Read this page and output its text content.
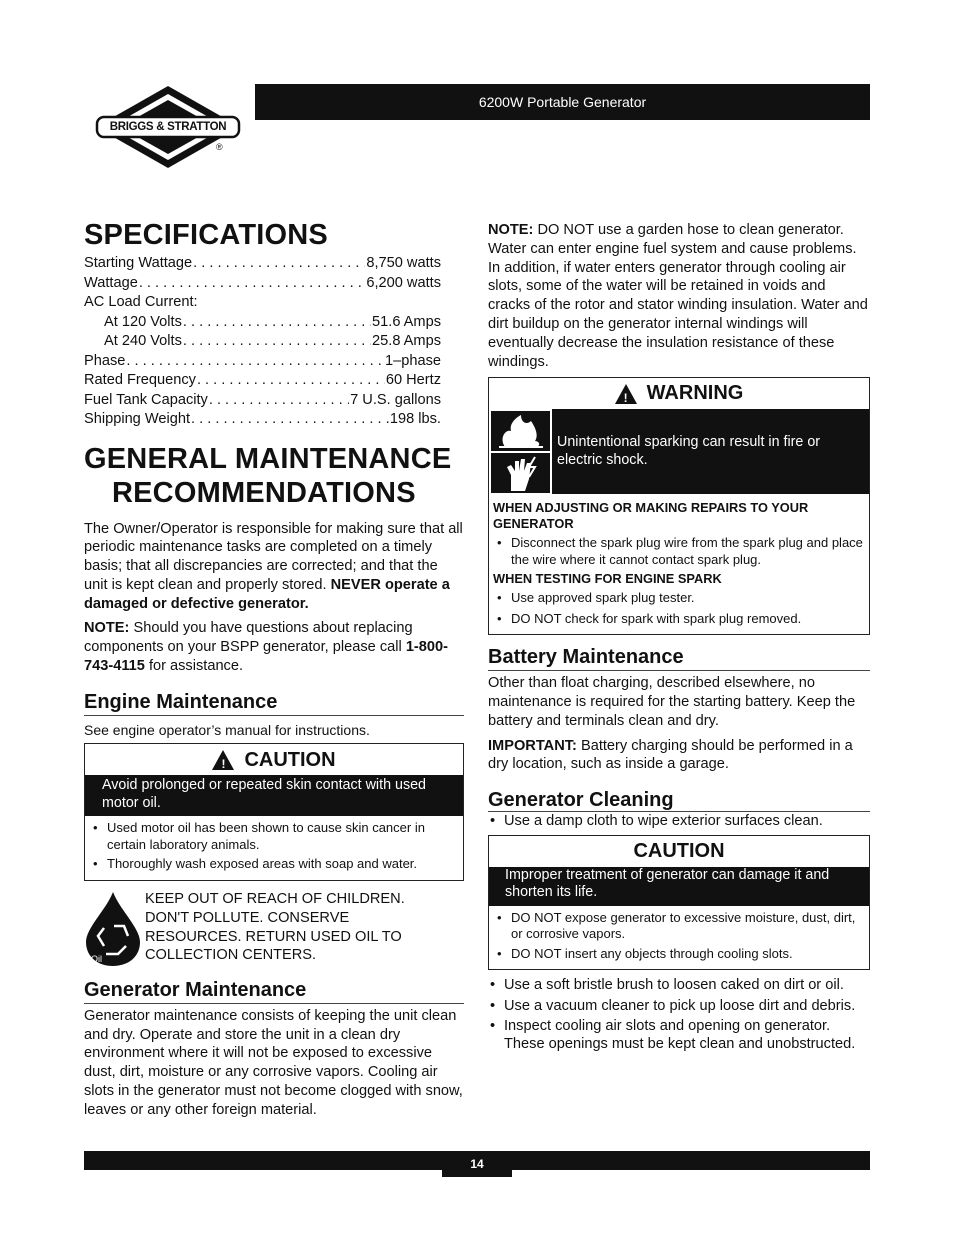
6200W Portable Generator
BRIGGS & STRATTON
®
SPECIFICATIONS
Starting Wattage . . .	8,750 watts
Wattage . . .	6,200 watts
AC Load Current:
At 120 Volts . . .	51.6 Amps
At 240 Volts . . .	25.8 Amps
Phase . . .	1–phase
Rated Frequency . . .	60 Hertz
Fuel Tank Capacity . . .	7 U.S. gallons
Shipping Weight . . .	198 lbs.
GENERAL MAINTENANCE
RECOMMENDATIONS

The Owner/Operator is responsible for making sure that all periodic maintenance tasks are completed on a timely basis; that all discrepancies are corrected; and that the unit is kept clean and properly stored. NEVER operate a damaged or defective generator.

NOTE: Should you have questions about replacing components on your BSPP generator, please call 1-800-743-4115 for assistance.

Engine Maintenance

See engine operator’s manual for instructions.

! CAUTION
Avoid prolonged or repeated skin contact with used motor oil.
• Used motor oil has been shown to cause skin cancer in certain laboratory animals.
• Thoroughly wash exposed areas with soap and water.
Oil

KEEP OUT OF REACH OF CHILDREN. DON'T POLLUTE. CONSERVE RESOURCES. RETURN USED OIL TO COLLECTION CENTERS.

Generator Maintenance

Generator maintenance consists of keeping the unit clean and dry. Operate and store the unit in a clean dry environment where it will not be exposed to excessive dust, dirt, moisture or any corrosive vapors. Cooling air slots in the generator must not become clogged with snow, leaves or any other foreign material.

NOTE: DO NOT use a garden hose to clean generator. Water can enter engine fuel system and cause problems. In addition, if water enters generator through cooling air slots, some of the water will be retained in voids and cracks of the rotor and stator winding insulation. Water and dirt buildup on the generator internal windings will eventually decrease the insulation resistance of these windings.

! WARNING
Unintentional sparking can result in fire or electric shock.
WHEN ADJUSTING OR MAKING REPAIRS TO YOUR GENERATOR
• Disconnect the spark plug wire from the spark plug and place the wire where it cannot contact spark plug.
WHEN TESTING FOR ENGINE SPARK
• Use approved spark plug tester.
• DO NOT check for spark with spark plug removed.
Battery Maintenance

Other than float charging, described elsewhere, no maintenance is required for the starting battery. Keep the battery and terminals clean and dry.

IMPORTANT: Battery charging should be performed in a dry location, such as inside a garage.

Generator Cleaning
• Use a damp cloth to wipe exterior surfaces clean.
CAUTION
Improper treatment of generator can damage it and shorten its life.
• DO NOT expose generator to excessive moisture, dust, dirt, or corrosive vapors.
• DO NOT insert any objects through cooling slots.
• Use a soft bristle brush to loosen caked on dirt or oil.
• Use a vacuum cleaner to pick up loose dirt and debris.
• Inspect cooling air slots and opening on generator. These openings must be kept clean and unobstructed.
14
